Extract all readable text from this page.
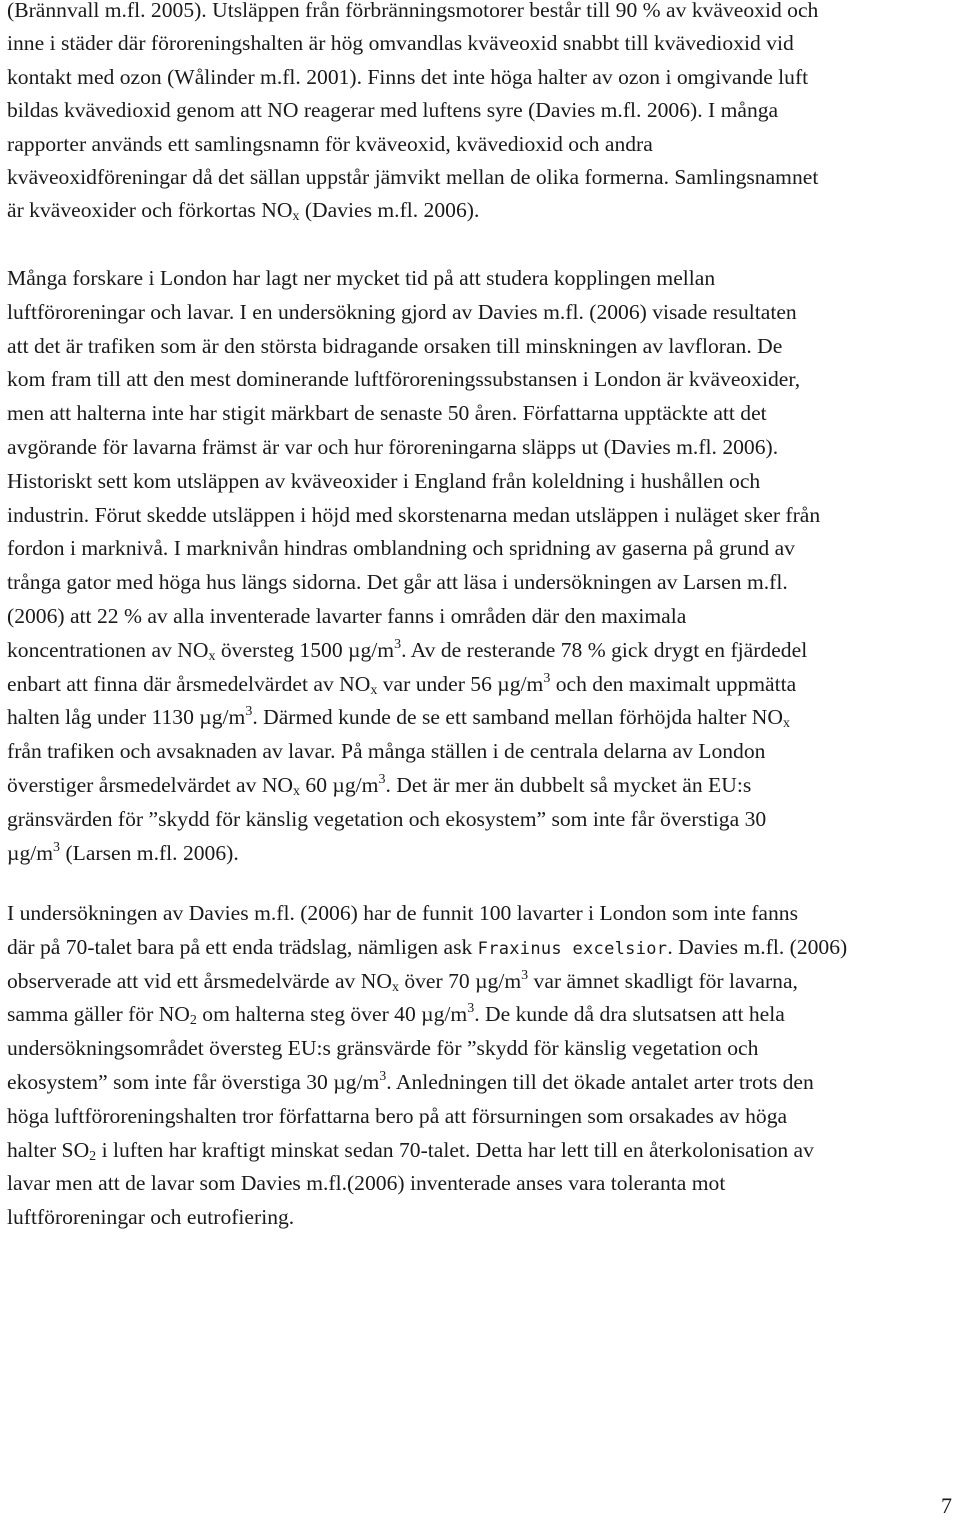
(Brännvall m.fl. 2005). Utsläppen från förbränningsmotorer består till 90 % av kväveoxid och
inne i städer där föroreningshalten är hög omvandlas kväveoxid snabbt till kvävedioxid vid
kontakt med ozon (Wålinder m.fl. 2001). Finns det inte höga halter av ozon i omgivande luft
bildas kvävedioxid genom att NO reagerar med luftens syre (Davies m.fl. 2006). I många
rapporter används ett samlingsnamn för kväveoxid, kvävedioxid och andra
kväveoxidföreningar då det sällan uppstår jämvikt mellan de olika formerna. Samlingsnamnet
är kväveoxider och förkortas $NO_x$ (Davies m.fl. 2006).
Många forskare i London har lagt ner mycket tid på att studera kopplingen mellan
luftföroreningar och lavar. I en undersökning gjord av Davies m.fl. (2006) visade resultaten
att det är trafiken som är den största bidragande orsaken till minskningen av lavfloran. De
kom fram till att den mest dominerande luftföroreningssubstansen i London är kväveoxider,
men att halterna inte har stigit märkbart de senaste 50 åren. Författarna upptäckte att det
avgörande för lavarna främst är var och hur föroreningarna släpps ut (Davies m.fl. 2006).
Historiskt sett kom utsläppen av kväveoxider i England från koleldning i hushållen och
industrin. Förut skedde utsläppen i höjd med skorstenarna medan utsläppen i nuläget sker från
fordon i marknivå. I marknivån hindras omblandning och spridning av gaserna på grund av
trånga gator med höga hus längs sidorna. Det går att läsa i undersökningen av Larsen m.fl.
(2006) att 22 % av alla inventerade lavarter fanns i områden där den maximala
koncentrationen av $NO_x$ översteg 1500 $\mu g/m^3$. Av de resterande 78 % gick drygt en fjärdedel
enbart att finna där årsmedelvärdet av $NO_x$ var under 56 $\mu g/m^3$ och den maximalt uppmätta
halten låg under 1130 $\mu g/m^3$. Därmed kunde de se ett samband mellan förhöjda halter $NO_x$
från trafiken och avsaknaden av lavar. På många ställen i de centrala delarna av London
överstiger årsmedelvärdet av $NO_x$ 60 $\mu g/m^3$. Det är mer än dubbelt så mycket än EU:s
gränsvärden för ”skydd för känslig vegetation och ekosystem” som inte får överstiga 30
$\mu g/m^3$ (Larsen m.fl. 2006).
I undersökningen av Davies m.fl. (2006) har de funnit 100 lavarter i London som inte fanns
där på 70-talet bara på ett enda trädslag, nämligen ask Fraxinus excelsior. Davies m.fl. (2006)
observerade att vid ett årsmedelvärde av $NO_x$ över 70 $\mu g/m^3$ var ämnet skadligt för lavarna,
samma gäller för $NO_2$ om halterna steg över 40 $\mu g/m^3$. De kunde då dra slutsatsen att hela
undersökningsområdet översteg EU:s gränsvärde för ”skydd för känslig vegetation och
ekosystem” som inte får överstiga 30 $\mu g/m^3$. Anledningen till det ökade antalet arter trots den
höga luftföroreningshalten tror författarna bero på att försurningen som orsakades av höga
halter $SO_2$ i luften har kraftigt minskat sedan 70-talet. Detta har lett till en återkolonisation av
lavar men att de lavar som Davies m.fl.(2006) inventerade anses vara toleranta mot
luftföroreningar och eutrofiering.
7
